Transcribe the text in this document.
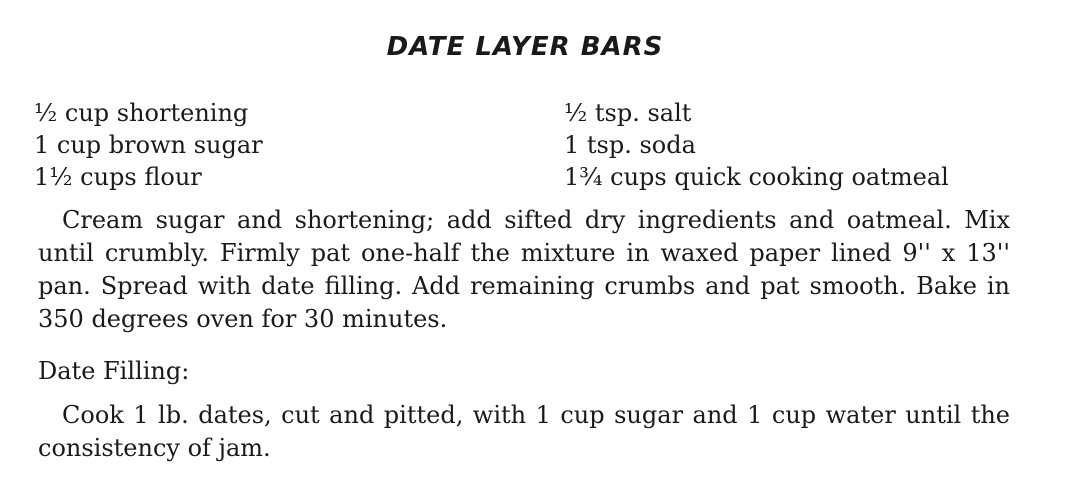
DATE LAYER BARS
½ cup shortening
1 cup brown sugar
1½ cups flour
½ tsp. salt
1 tsp. soda
1¾ cups quick cooking oatmeal

Cream sugar and shortening; add sifted dry ingredients and oatmeal. Mix until crumbly. Firmly pat one-half the mixture in waxed paper lined 9'' x 13'' pan. Spread with date filling. Add remaining crumbs and pat smooth. Bake in 350 degrees oven for 30 minutes.

Date Filling:

Cook 1 lb. dates, cut and pitted, with 1 cup sugar and 1 cup water until the consistency of jam.
